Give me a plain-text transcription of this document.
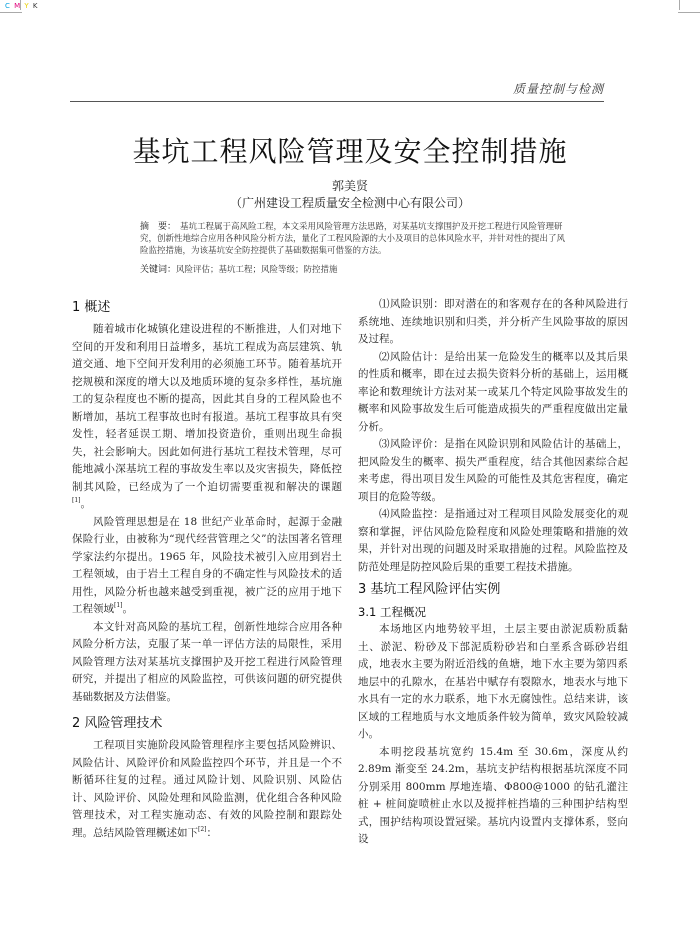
C M Y K
质量控制与检测
基坑工程风险管理及安全控制措施
郭美贤
（广州建设工程质量安全检测中心有限公司）
摘　要： 基坑工程属于高风险工程，本文采用风险管理方法思路，对某基坑支撑围护及开挖工程进行风险管理研究，创新性地综合应用各种风险分析方法，量化了工程风险源的大小及项目的总体风险水平，并针对性的提出了风险监控措施，为该基坑安全防控提供了基础数据集可借鉴的方法。
关键词：风险评估；基坑工程；风险等级；防控措施
1 概述

随着城市化城镇化建设进程的不断推进，人们对地下空间的开发和利用日益增多，基坑工程成为高层建筑、轨道交通、地下空间开发利用的必须施工环节。随着基坑开挖规模和深度的增大以及地质环境的复杂多样性，基坑施工的复杂程度也不断的提高，因此其自身的工程风险也不断增加，基坑工程事故也时有报道。基坑工程事故具有突发性，轻者延误工期、增加投资造价，重则出现生命损失，社会影响大。因此如何进行基坑工程技术管理，尽可能地减小深基坑工程的事故发生率以及灾害损失，降低控制其风险，已经成为了一个迫切需要重视和解决的课题[1]。

风险管理思想是在 18 世纪产业革命时，起源于金融保险行业，由被称为“现代经营管理之父”的法国著名管理学家法约尔提出。1965 年，风险技术被引入应用到岩土工程领域，由于岩土工程自身的不确定性与风险技术的适用性，风险分析也越来越受到重视，被广泛的应用于地下工程领域[1]。

本文针对高风险的基坑工程，创新性地综合应用各种风险分析方法，克服了某一单一评估方法的局限性，采用风险管理方法对某基坑支撑围护及开挖工程进行风险管理研究，并提出了相应的风险监控，可供该问题的研究提供基础数据及方法借鉴。

2 风险管理技术

工程项目实施阶段风险管理程序主要包括风险辨识、风险估计、风险评价和风险监控四个环节，并且是一个不断循环往复的过程。通过风险计划、风险识别、风险估计、风险评价、风险处理和风险监测，优化组合各种风险管理技术，对工程实施动态、有效的风险控制和跟踪处理。总结风险管理概述如下[2]：

⑴风险识别：即对潜在的和客观存在的各种风险进行系统地、连续地识别和归类，并分析产生风险事故的原因及过程。

⑵风险估计：是给出某一危险发生的概率以及其后果的性质和概率，即在过去损失资料分析的基础上，运用概率论和数理统计方法对某一或某几个特定风险事故发生的概率和风险事故发生后可能造成损失的严重程度做出定量分析。

⑶风险评价：是指在风险识别和风险估计的基础上，把风险发生的概率、损失严重程度，结合其他因素综合起来考虑，得出项目发生风险的可能性及其危害程度，确定项目的危险等级。

⑷风险监控：是指通过对工程项目风险发展变化的观察和掌握，评估风险危险程度和风险处理策略和措施的效果，并针对出现的问题及时采取措施的过程。风险监控及防范处理是防控风险后果的重要工程技术措施。

3 基坑工程风险评估实例
3.1 工程概况

本场地区内地势较平坦，土层主要由淤泥质粉质黏土、淤泥、粉砂及下部泥质粉砂岩和白垩系含砾砂岩组成，地表水主要为附近沿线的鱼塘，地下水主要为第四系地层中的孔隙水，在基岩中赋存有裂隙水，地表水与地下水具有一定的水力联系，地下水无腐蚀性。总结来讲，该区域的工程地质与水文地质条件较为简单，致灾风险较减小。

本明挖段基坑宽约 15.4m 至 30.6m，深度从约 2.89m 渐变至 24.2m，基坑支护结构根据基坑深度不同分别采用 800mm 厚地连墙、Φ800@1000 的钻孔灌注桩 + 桩间旋喷桩止水以及搅拌桩挡墙的三种围护结构型式，围护结构项设置冠梁。基坑内设置内支撑体系，竖向设
